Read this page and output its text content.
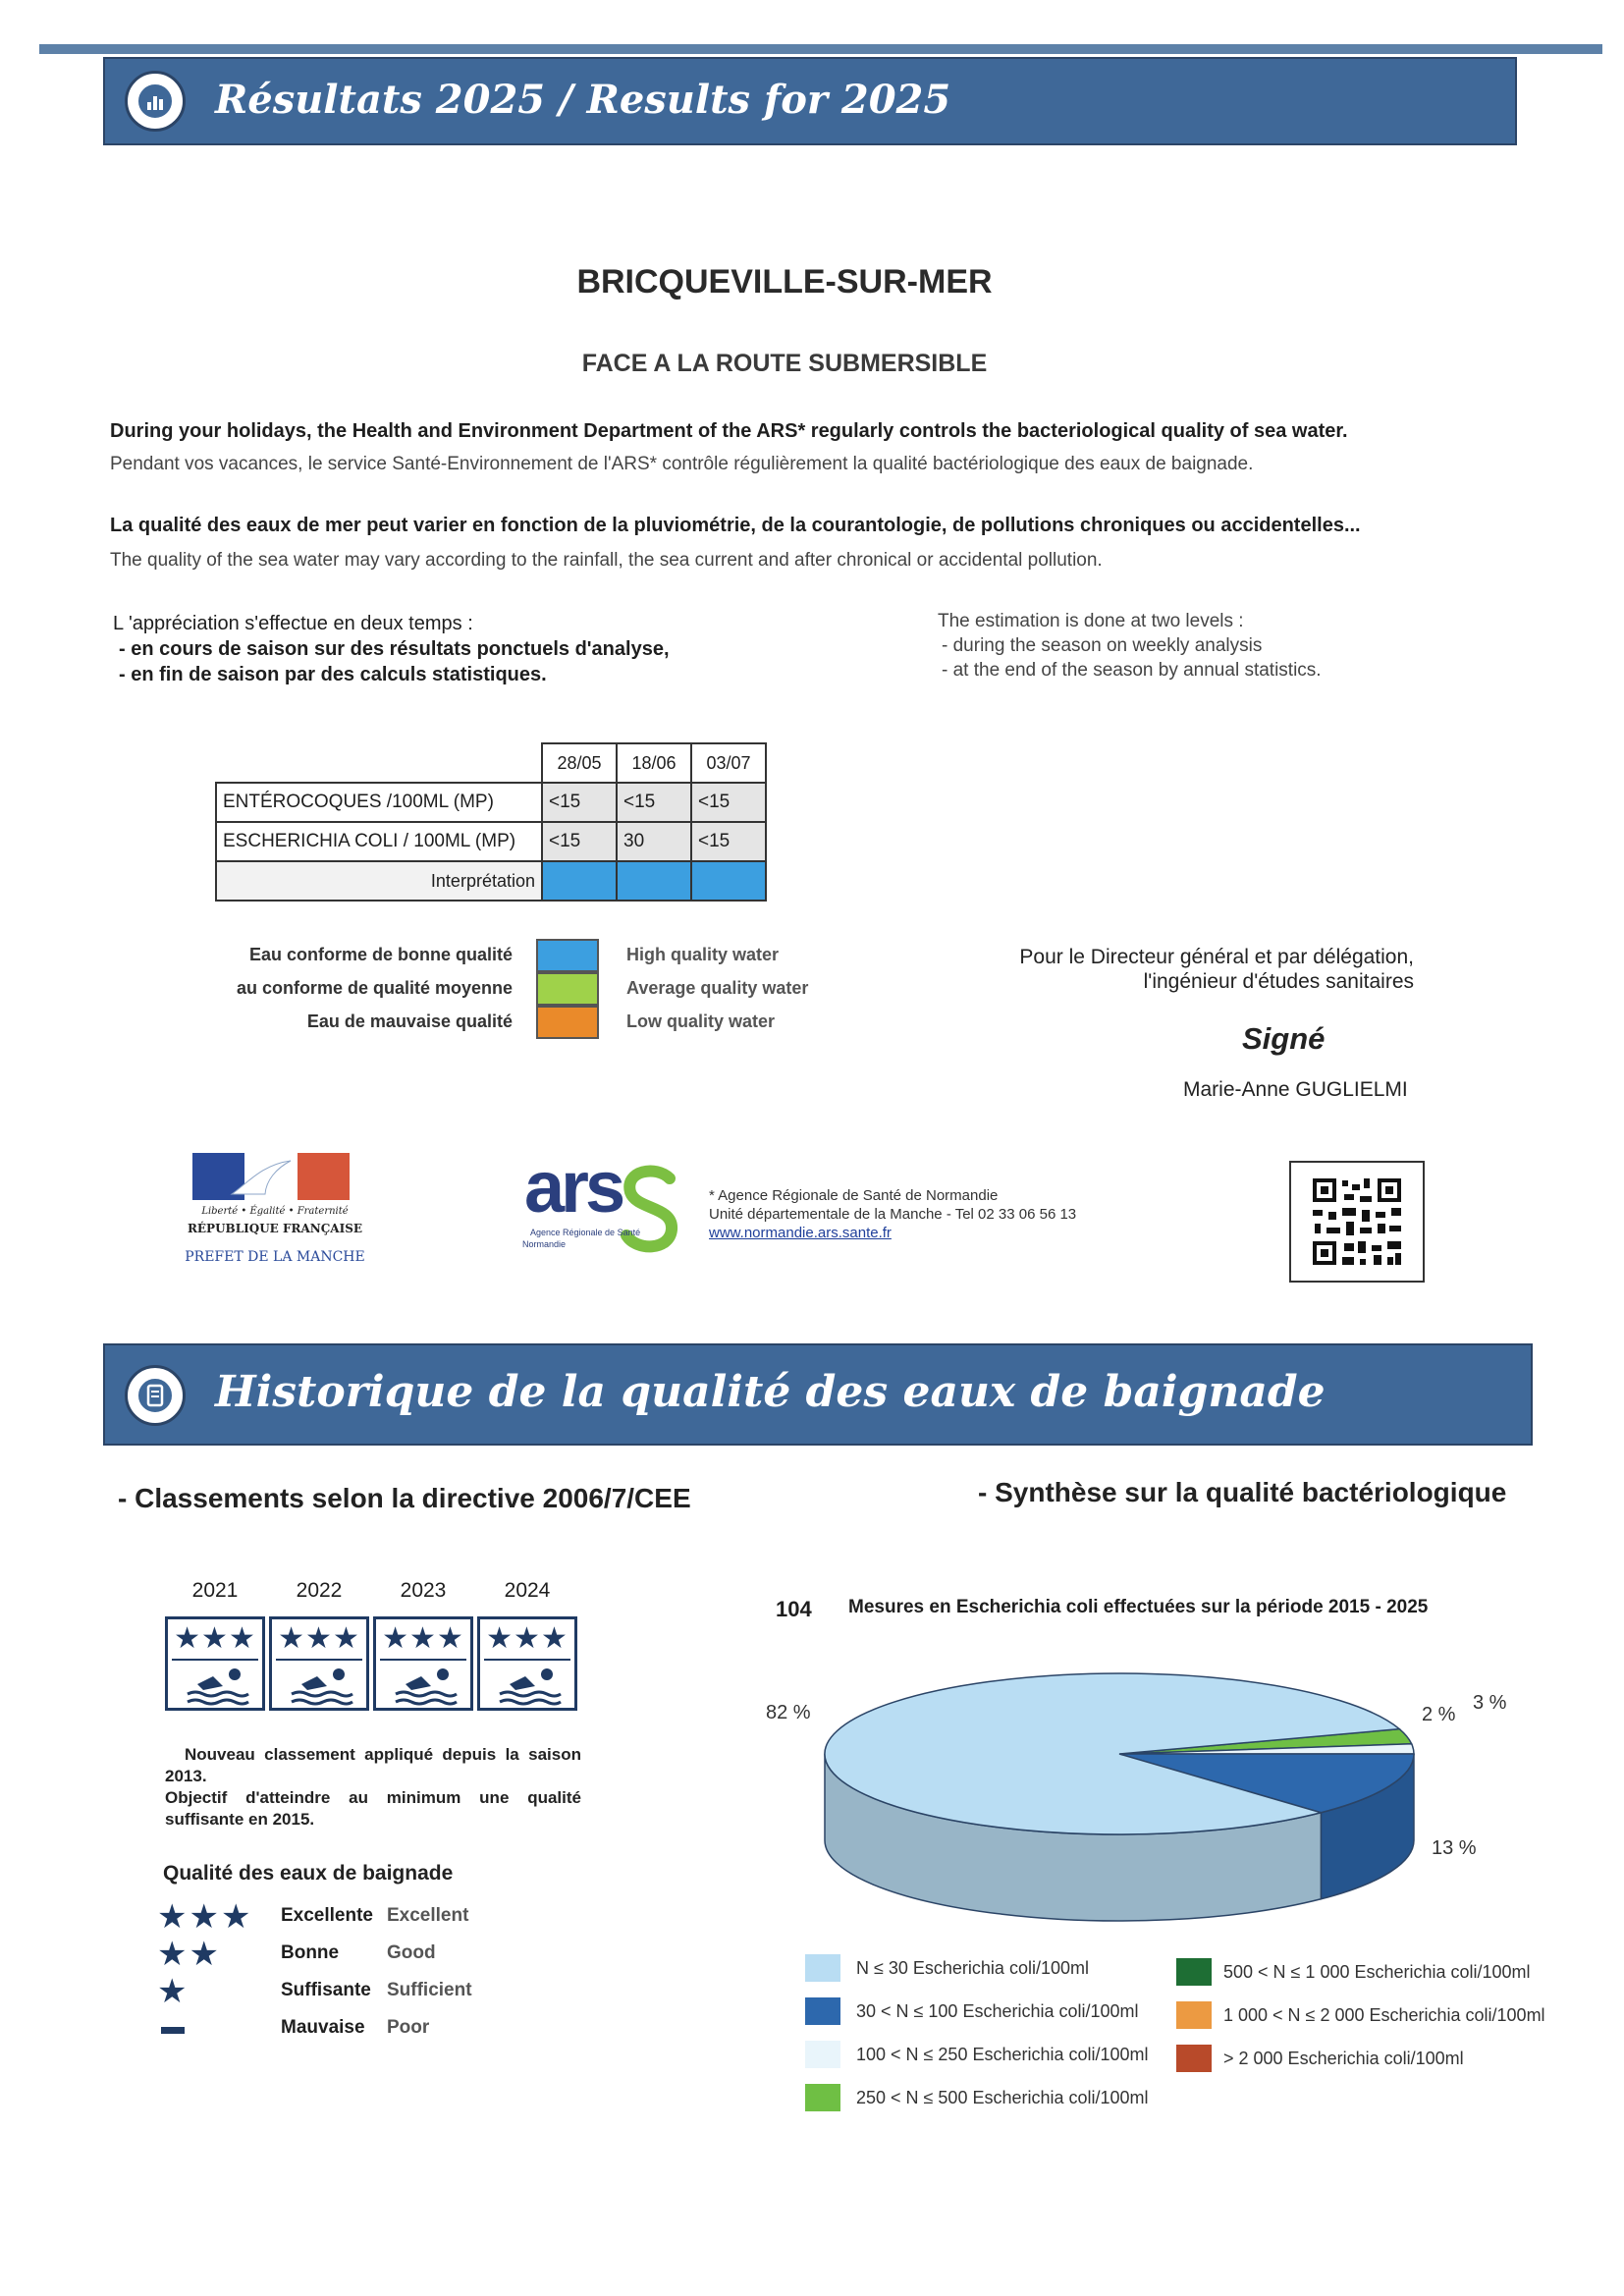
Résultats 2025 / Results for 2025
BRICQUEVILLE-SUR-MER
FACE A LA ROUTE SUBMERSIBLE
During your holidays, the Health and Environment Department of the ARS* regularly controls the bacteriological quality of sea water.
Pendant vos vacances, le service Santé-Environnement de l'ARS* contrôle régulièrement la qualité bactériologique des eaux de baignade.
La qualité des eaux de mer peut varier en fonction de la pluviométrie, de la courantologie, de pollutions chroniques ou accidentelles...
The quality of the sea water may vary according to the rainfall, the sea current and after chronical or accidental pollution.
L 'appréciation s'effectue en deux temps :
- en cours de saison sur des résultats ponctuels d'analyse,
- en fin de saison par des calculs statistiques.
The estimation is done at two levels :
- during the season on weekly analysis
- at the end of the season by annual statistics.
	28/05	18/06	03/07
ENTÉROCOQUES /100ML (MP)	<15	<15	<15
ESCHERICHIA COLI / 100ML (MP)	<15	30	<15
Interprétation			
Eau conforme de bonne qualité
au conforme de qualité moyenne
Eau de mauvaise qualité
High quality water
Average quality water
Low quality water
Pour le Directeur général et par délégation,
l'ingénieur d'études sanitaires
Signé
Marie-Anne GUGLIELMI
Liberté • Égalité • Fraternité
RÉPUBLIQUE FRANÇAISE
PREFET DE LA MANCHE
ars
Agence Régionale de Santé
Normandie
* Agence Régionale de Santé de Normandie
Unité départementale de la Manche - Tel 02 33 06 56 13
www.normandie.ars.sante.fr
Historique de la qualité des eaux de baignade
- Classements selon la directive 2006/7/CEE
2021	2022	2023	2024
★★★ ★★★ ★★★ ★★★
Nouveau classement appliqué depuis la saison 2013.
Objectif d'atteindre au minimum une qualité suffisante en 2015.
Qualité des eaux de baignade
★★★
★★
★
Excellente
Bonne
Suffisante
Mauvaise
Excellent
Good
Sufficient
Poor
- Synthèse sur la qualité bactériologique
104 Mesures en Escherichia coli effectuées sur la période 2015 - 2025
82 %
13 %
2 %
3 %
N ≤ 30 Escherichia coli/100ml
30 < N ≤ 100 Escherichia coli/100ml
100 < N ≤ 250 Escherichia coli/100ml
250 < N ≤ 500 Escherichia coli/100ml
500 < N ≤ 1 000 Escherichia coli/100ml
1 000 < N ≤ 2 000 Escherichia coli/100ml
> 2 000 Escherichia coli/100ml
